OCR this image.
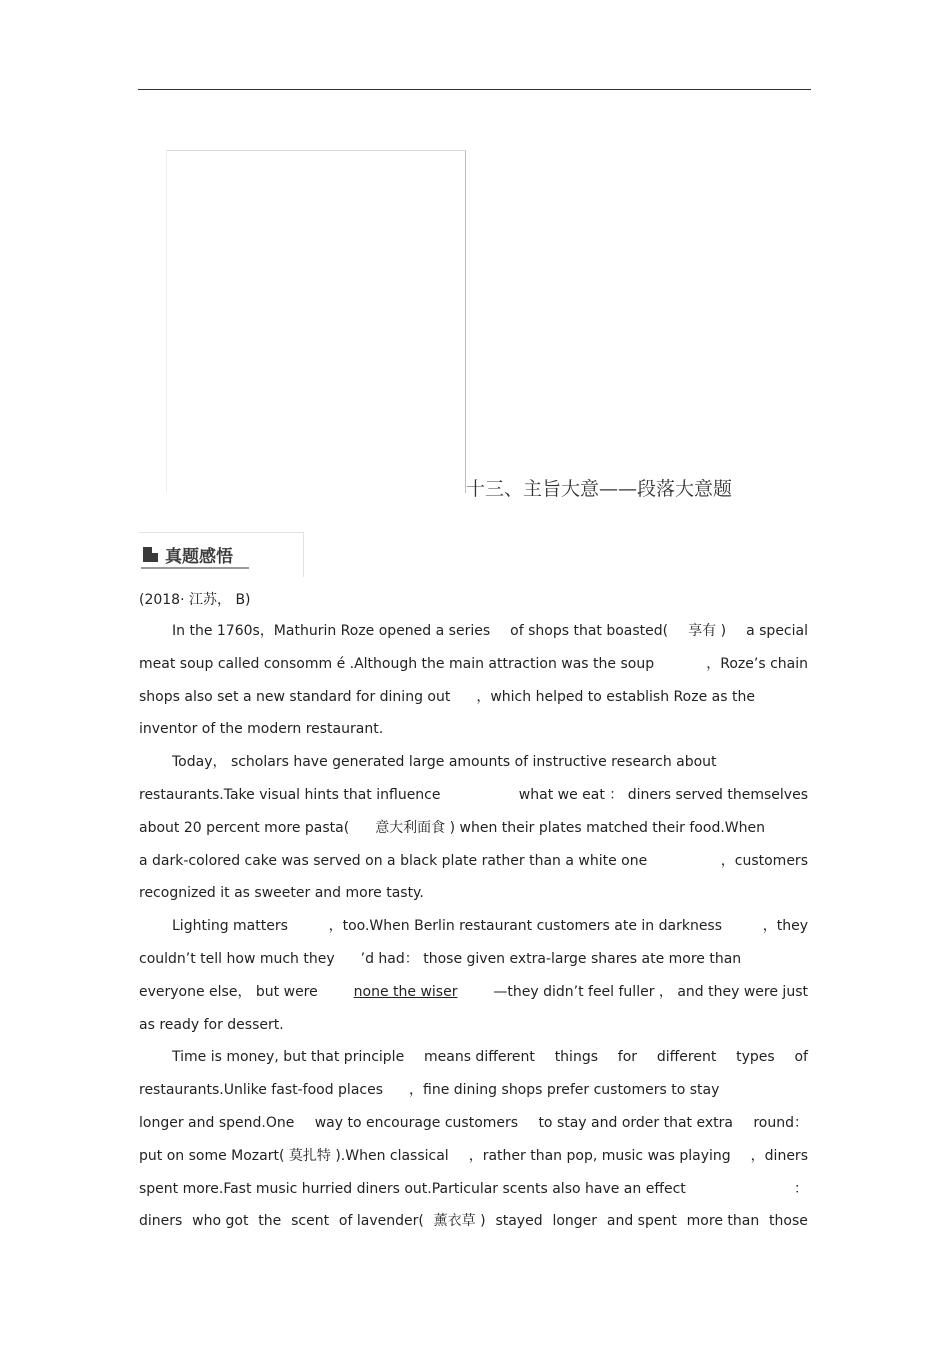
十三、主旨大意——段落大意题
真题感悟
(2018· 江苏， B)
In the 1760s，Mathurin Roze opened a series of shops that boasted( 享有 ) a special
meat soup called consomm é .Although the main attraction was the soup	，Roze’s chain
shops also set a new standard for dining out ，which helped to establish Roze as the
inventor of the modern restaurant.
Today， scholars have generated large amounts of instructive research about
restaurants.Take visual hints that influence	what we eat ： diners served themselves
about 20 percent more pasta( 意大利面食 ) when their plates matched their food.When
a dark-colored cake was served on a black plate rather than a white one	，customers
recognized it as sweeter and more tasty.
Lighting matters	，too.When Berlin restaurant customers ate in darkness	，they
couldn’t tell how much they ’d had： those given extra-large shares ate more than
everyone else， but were	none the wiser	—they didn’t feel fuller ， and they were just
as ready for dessert.
Time is money, but that principle means different things for different types of
restaurants.Unlike fast-food places ，fine dining shops prefer customers to stay
longer and spend.One way to encourage customers to stay and order that extra round：
put on some Mozart( 莫扎特 ).When classical ，rather than pop, music was playing ，diners
spent more.Fast music hurried diners out.Particular scents also have an effect	：
diners who got the scent of lavender( 薰衣草 ) stayed longer and spent more than those
